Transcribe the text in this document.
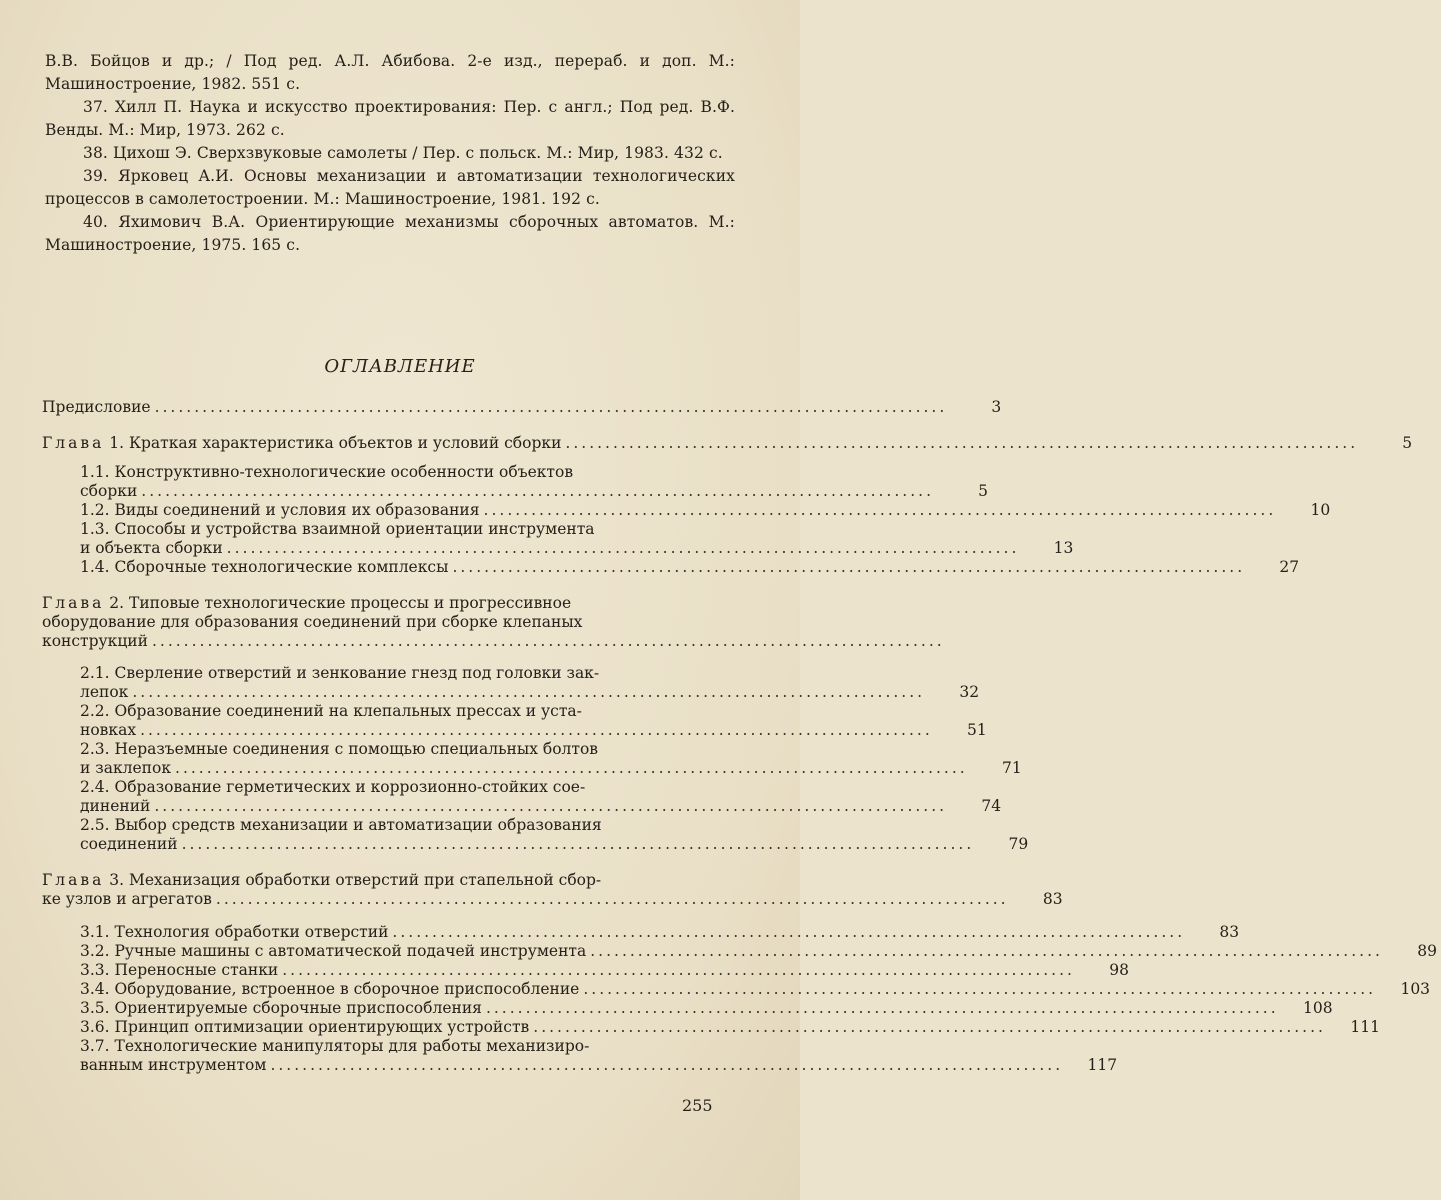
В.В. Бойцов и др.; / Под ред. А.Л. Абибова. 2-е изд., перераб. и доп. М.: Машиностроение, 1982. 551 с.

37. Хилл П. Наука и искусство проектирования: Пер. с англ.; Под ред. В.Ф. Венды. М.: Мир, 1973. 262 с.

38. Цихош Э. Сверхзвуковые самолеты / Пер. с польск. М.: Мир, 1983. 432 с.

39. Ярковец А.И. Основы механизации и автоматизации технологических процессов в самолетостроении. М.: Машиностроение, 1981. 192 с.

40. Яхимович В.А. Ориентирующие механизмы сборочных автоматов. М.: Машиностроение, 1975. 165 с.

ОГЛАВЛЕНИЕ
Предисловие ....................................................................................................	3
Глава 1. Краткая характеристика объектов и условий сборки ....................................................................................................	5
1.1. Конструктивно-технологические особенности объектов
сборки ....................................................................................................	5
1.2. Виды соединений и условия их образования ....................................................................................................	10
1.3. Способы и устройства взаимной ориентации инструмента
и объекта сборки ....................................................................................................	13
1.4. Сборочные технологические комплексы ....................................................................................................	27
Глава 2. Типовые технологические процессы и прогрессивное
оборудование для образования соединений при сборке клепаных
конструкций ....................................................................................................
2.1. Сверление отверстий и зенкование гнезд под головки зак-
лепок ....................................................................................................	32
2.2. Образование соединений на клепальных прессах и уста-
новках ....................................................................................................	51
2.3. Неразъемные соединения с помощью специальных болтов
и заклепок ....................................................................................................	71
2.4. Образование герметических и коррозионно-стойких сое-
динений ....................................................................................................	74
2.5. Выбор средств механизации и автоматизации образования
соединений ....................................................................................................	79
Глава 3. Механизация обработки отверстий при стапельной сбор-
ке узлов и агрегатов ....................................................................................................	83
3.1. Технология обработки отверстий ....................................................................................................	83
3.2. Ручные машины с автоматической подачей инструмента ....................................................................................................	89
3.3. Переносные станки ....................................................................................................	98
3.4. Оборудование, встроенное в сборочное приспособление ....................................................................................................	103
3.5. Ориентируемые сборочные приспособления ....................................................................................................	108
3.6. Принцип оптимизации ориентирующих устройств ....................................................................................................	111
3.7. Технологические манипуляторы для работы механизиро-
ванным инструментом ....................................................................................................	117
255
